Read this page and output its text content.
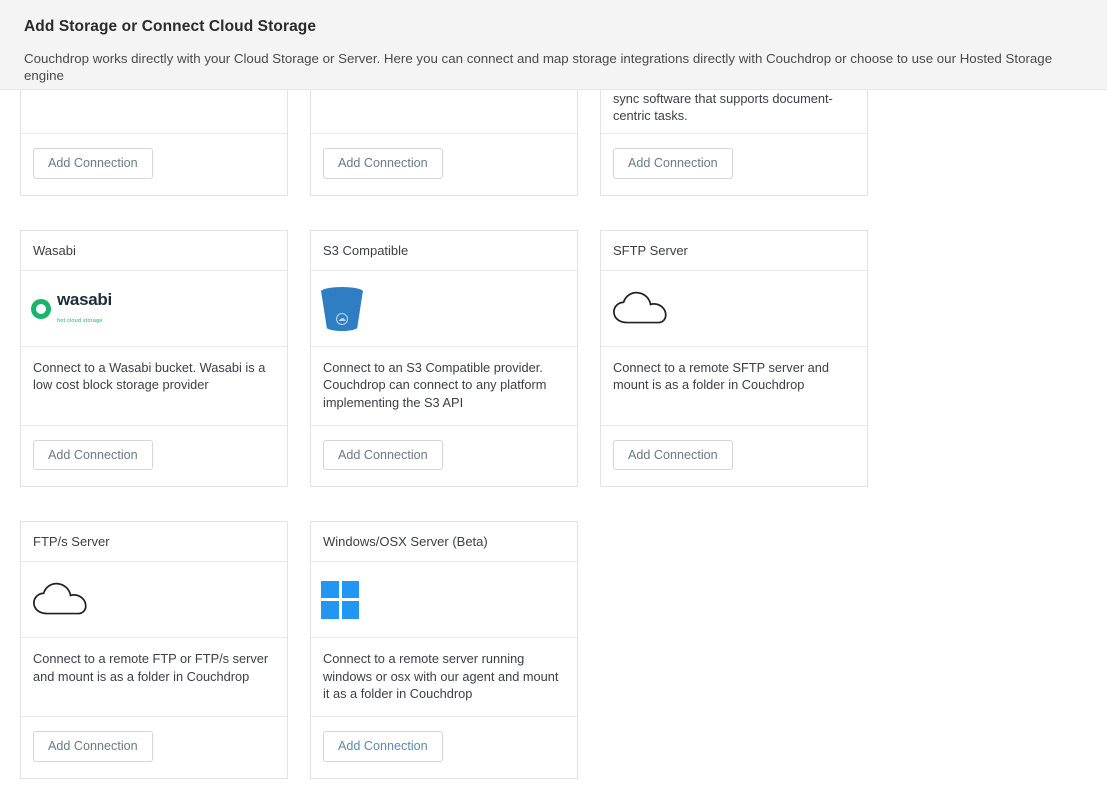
Add Storage or Connect Cloud Storage
Couchdrop works directly with your Cloud Storage or Server. Here you can connect and map storage integrations directly with Couchdrop or choose to use our Hosted Storage engine
Add Connection	Add Connection
sync software that supports document-centric tasks.
Add Connection
Wasabi
wasabi
hot cloud storage
Connect to a Wasabi bucket. Wasabi is a low cost block storage provider
Add Connection
S3 Compatible
☁
Connect to an S3 Compatible provider. Couchdrop can connect to any platform implementing the S3 API
Add Connection
SFTP Server
Connect to a remote SFTP server and mount is as a folder in Couchdrop
Add Connection
FTP/s Server
Connect to a remote FTP or FTP/s server and mount is as a folder in Couchdrop
Add Connection
Windows/OSX Server (Beta)
Connect to a remote server running windows or osx with our agent and mount it as a folder in Couchdrop
Add Connection
